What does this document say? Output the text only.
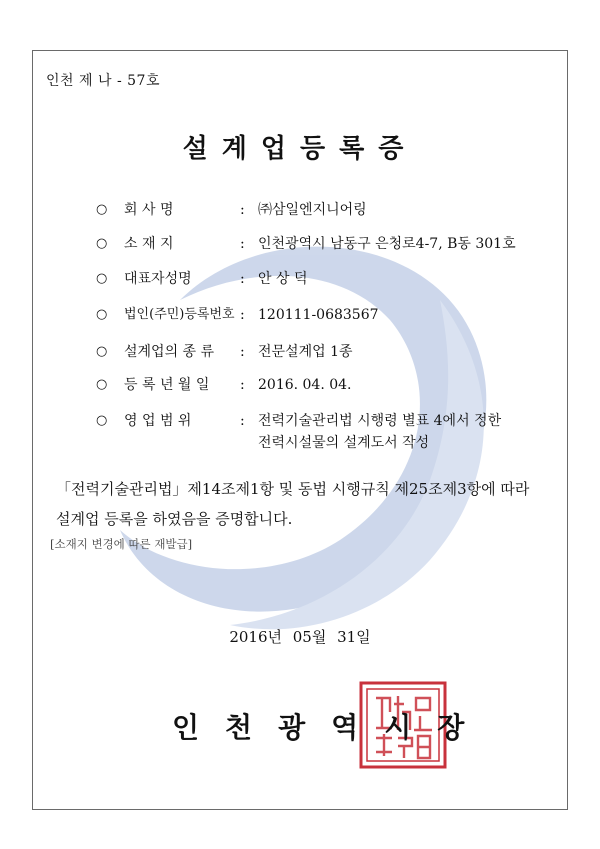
인천 제 나 - 57호
설계업등록증
○ 회 사 명	: ㈜삼일엔지니어링
○ 소 재 지	: 인천광역시 남동구 은청로4-7, B동 301호
○ 대표자성명	: 안 상 덕
○ 법인(주민)등록번호 : 120111-0683567
○ 설계업의 종 류 : 전문설계업 1종
○ 등 록 년 월 일 : 2016. 04. 04.
○ 영 업 범 위	: 전력기술관리법 시행령 별표 4에서 정한
전력시설물의 설계도서 작성
「전력기술관리법」제14조제1항 및 동법 시행규칙 제25조제3항에 따라
설계업 등록을 하였음을 증명합니다.
[소재지 변경에 따른 재발급]
2016년 05월 31일
인천광역시장
